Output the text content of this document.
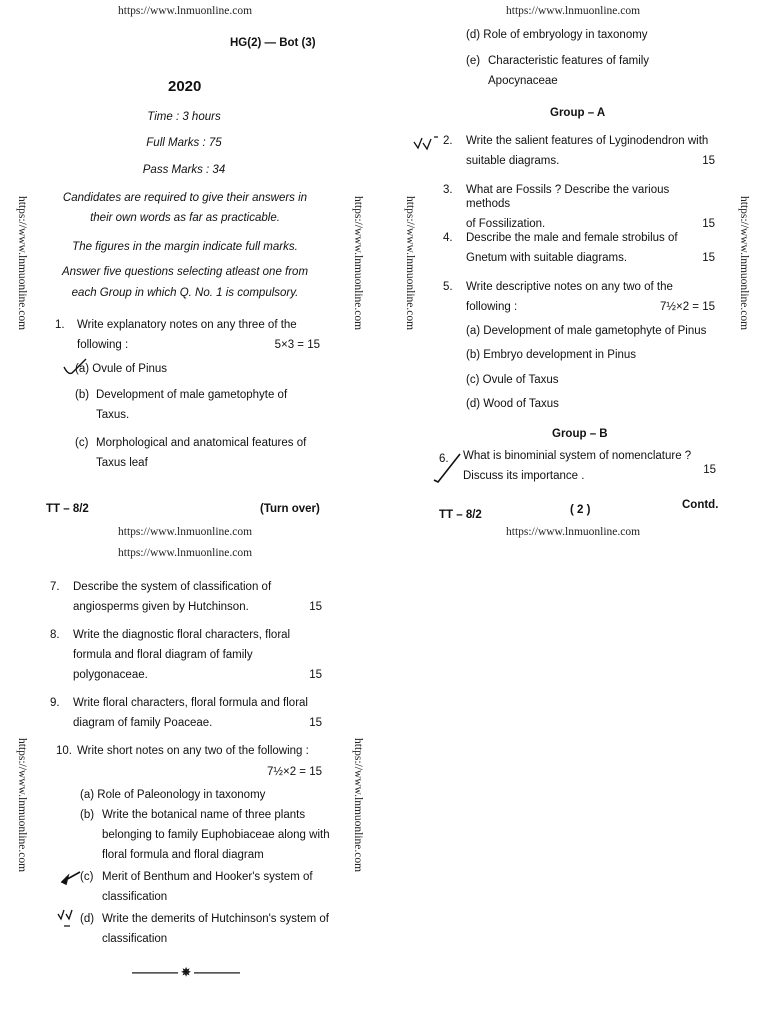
https://www.lnmuonline.com	https://www.lnmuonline.com
https://www.lnmuonline.com	https://www.lnmuonline.com
https://www.lnmuonline.com
https://www.lnmuonline.com	https://www.lnmuonline.com	https://www.lnmuonline.com	https://www.lnmuonline.com
https://www.lnmuonline.com	https://www.lnmuonline.com
HG(2) — Bot (3)
2020
Time : 3 hours
Full Marks : 75
Pass Marks : 34
Candidates are required to give their answers in
their own words as far as practicable.
The figures in the margin indicate full marks.
Answer five questions selecting atleast one from
each Group in which Q. No. 1 is compulsory.
1. Write explanatory notes on any three of the
following :	5×3 = 15
(a) Ovule of Pinus
(b) Development of male gametophyte of
Taxus.
(c) Morphological and anatomical features of
Taxus leaf
TT – 8/2	(Turn over)
(d) Role of embryology in taxonomy
(e) Characteristic features of family
Apocynaceae
Group – A
2. Write the salient features of Lyginodendron with
suitable diagrams.	15
3. What are Fossils ? Describe the various methods
of Fossilization.	15
4. Describe the male and female strobilus of
Gnetum with suitable diagrams.	15
5. Write descriptive notes on any two of the
following :	7½×2 = 15
(a) Development of male gametophyte of Pinus
(b) Embryo development in Pinus
(c) Ovule of Taxus
(d) Wood of Taxus
Group – B
6. What is binominial system of nomenclature ?
Discuss its importance .	15
TT – 8/2	( 2 )	Contd.
7. Describe the system of classification of
angiosperms given by Hutchinson.	15
8. Write the diagnostic floral characters, floral
formula and floral diagram of family
polygonaceae.	15
9. Write floral characters, floral formula and floral
diagram of family Poaceae.	15
10. Write short notes on any two of the following :
7½×2 = 15
(a) Role of Paleonology in taxonomy
(b) Write the botanical name of three plants
belonging to family Euphobiaceae along with
floral formula and floral diagram
(c) Merit of Benthum and Hooker's system of
classification
(d) Write the demerits of Hutchinson's system of
classification
———— ✵ ————
